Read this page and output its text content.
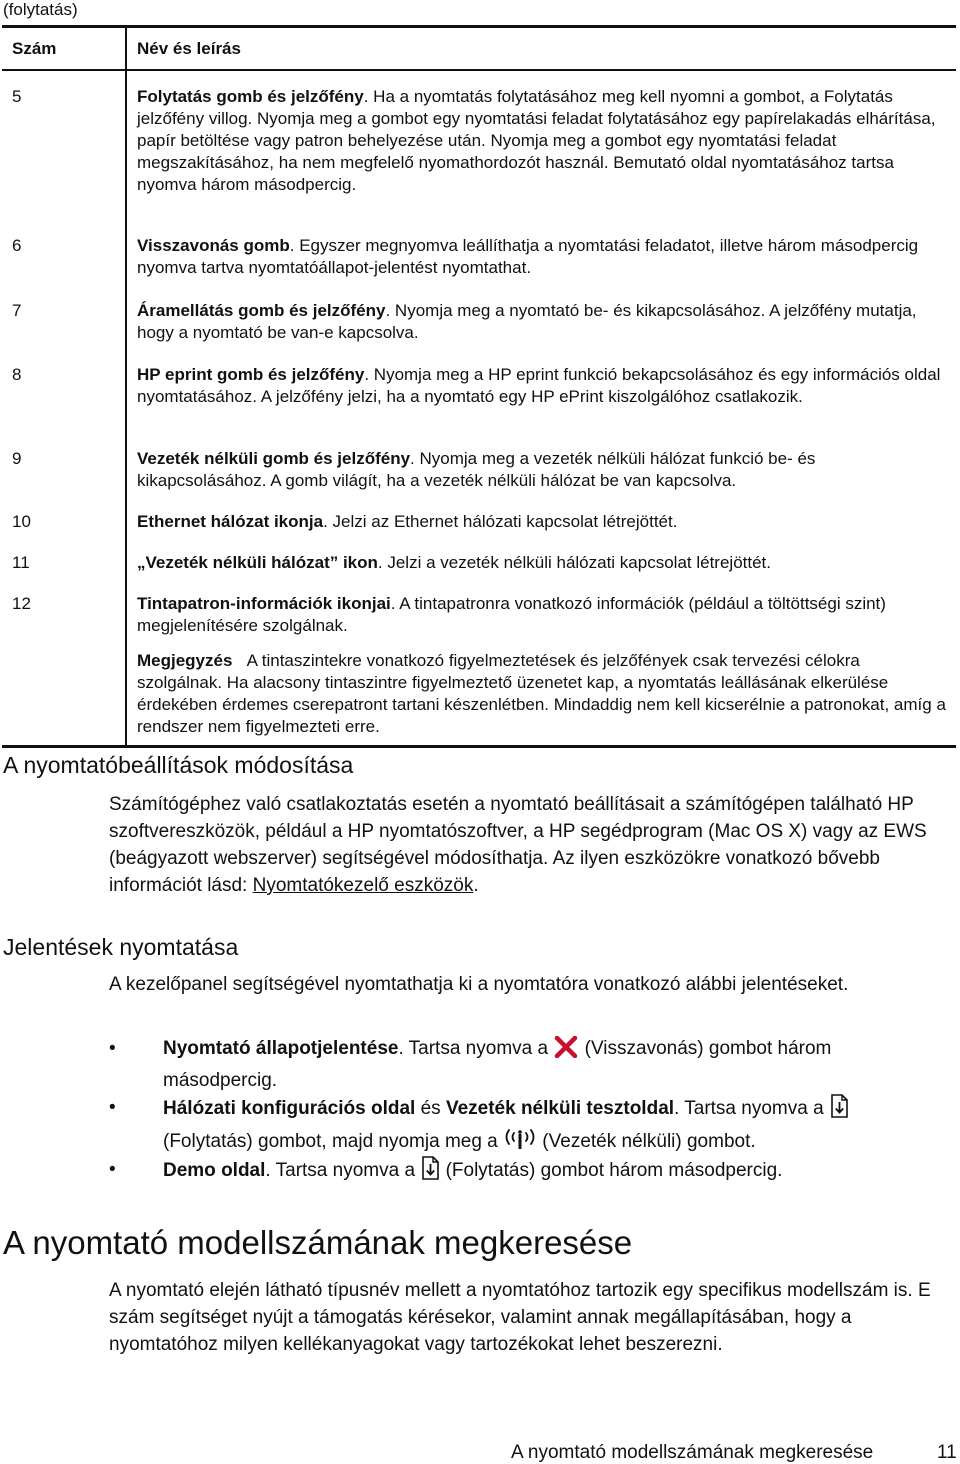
(folytatás)
Szám	Név és leírás
5	Folytatás gomb és jelzőfény. Ha a nyomtatás folytatásához meg kell nyomni a gombot, a Folytatás jelzőfény villog. Nyomja meg a gombot egy nyomtatási feladat folytatásához egy papírelakadás elhárítása, papír betöltése vagy patron behelyezése után. Nyomja meg a gombot egy nyomtatási feladat megszakításához, ha nem megfelelő nyomathordozót használ. Bemutató oldal nyomtatásához tartsa nyomva három másodpercig.
6	Visszavonás gomb. Egyszer megnyomva leállíthatja a nyomtatási feladatot, illetve három másodpercig nyomva tartva nyomtatóállapot-jelentést nyomtathat.
7	Áramellátás gomb és jelzőfény. Nyomja meg a nyomtató be- és kikapcsolásához. A jelzőfény mutatja, hogy a nyomtató be van-e kapcsolva.
8	HP eprint gomb és jelzőfény. Nyomja meg a HP eprint funkció bekapcsolásához és egy információs oldal nyomtatásához. A jelzőfény jelzi, ha a nyomtató egy HP ePrint kiszolgálóhoz csatlakozik.
9	Vezeték nélküli gomb és jelzőfény. Nyomja meg a vezeték nélküli hálózat funkció be- és kikapcsolásához. A gomb világít, ha a vezeték nélküli hálózat be van kapcsolva.
10	Ethernet hálózat ikonja. Jelzi az Ethernet hálózati kapcsolat létrejöttét.
11	„Vezeték nélküli hálózat” ikon. Jelzi a vezeték nélküli hálózati kapcsolat létrejöttét.
12	Tintapatron-információk ikonjai. A tintapatronra vonatkozó információk (például a töltöttségi szint) megjelenítésére szolgálnak.
Megjegyzés A tintaszintekre vonatkozó figyelmeztetések és jelzőfények csak tervezési célokra szolgálnak. Ha alacsony tintaszintre figyelmeztető üzenetet kap, a nyomtatás leállásának elkerülése érdekében érdemes cserepatront tartani készenlétben. Mindaddig nem kell kicserélnie a patronokat, amíg a rendszer nem figyelmezteti erre.
A nyomtatóbeállítások módosítása
Számítógéphez való csatlakoztatás esetén a nyomtató beállításait a számítógépen található HP szoftvereszközök, például a HP nyomtatószoftver, a HP segédprogram (Mac OS X) vagy az EWS (beágyazott webszerver) segítségével módosíthatja. Az ilyen eszközökre vonatkozó bővebb információt lásd: Nyomtatókezelő eszközök.
Jelentések nyomtatása
A kezelőpanel segítségével nyomtathatja ki a nyomtatóra vonatkozó alábbi jelentéseket.
• Nyomtató állapotjelentése. Tartsa nyomva a  (Visszavonás) gombot három másodpercig.
• Hálózati konfigurációs oldal és Vezeték nélküli tesztoldal. Tartsa nyomva a  (Folytatás) gombot, majd nyomja meg a  (Vezeték nélküli) gombot.
• Demo oldal. Tartsa nyomva a  (Folytatás) gombot három másodpercig.
A nyomtató modellszámának megkeresése
A nyomtató elején látható típusnév mellett a nyomtatóhoz tartozik egy specifikus modellszám is. E szám segítséget nyújt a támogatás kérésekor, valamint annak megállapításában, hogy a nyomtatóhoz milyen kellékanyagokat vagy tartozékokat lehet beszerezni.
A nyomtató modellszámának megkeresése	11
